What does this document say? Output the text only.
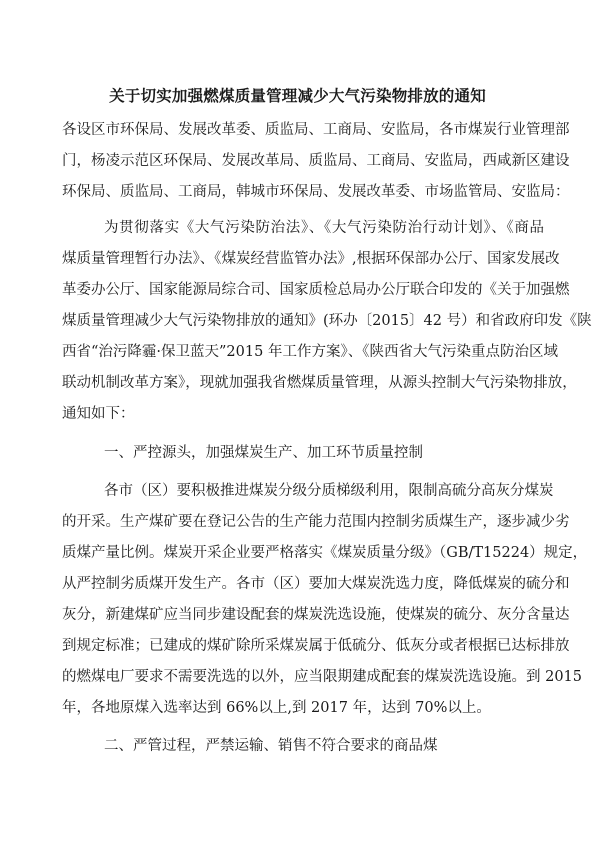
关于切实加强燃煤质量管理减少大气污染物排放的通知
各设区市环保局、发展改革委、质监局、工商局、安监局，各市煤炭行业管理部
门，杨凌示范区环保局、发展改革局、质监局、工商局、安监局，西咸新区建设
环保局、质监局、工商局，韩城市环保局、发展改革委、市场监管局、安监局：
为贯彻落实《大气污染防治法》、《大气污染防治行动计划》、《商品
煤质量管理暂行办法》、《煤炭经营监管办法》,根据环保部办公厅、国家发展改
革委办公厅、国家能源局综合司、国家质检总局办公厅联合印发的《关于加强燃
煤质量管理减少大气污染物排放的通知》(环办〔2015〕42 号）和省政府印发《陕
西省“治污降霾·保卫蓝天”2015 年工作方案》、《陕西省大气污染重点防治区域
联动机制改革方案》，现就加强我省燃煤质量管理，从源头控制大气污染物排放，
通知如下：
一、严控源头，加强煤炭生产、加工环节质量控制
各市（区）要积极推进煤炭分级分质梯级利用，限制高硫分高灰分煤炭
的开采。生产煤矿要在登记公告的生产能力范围内控制劣质煤生产，逐步减少劣
质煤产量比例。煤炭开采企业要严格落实《煤炭质量分级》（GB/T15224）规定，
从严控制劣质煤开发生产。各市（区）要加大煤炭洗选力度，降低煤炭的硫分和
灰分，新建煤矿应当同步建设配套的煤炭洗选设施，使煤炭的硫分、灰分含量达
到规定标准；已建成的煤矿除所采煤炭属于低硫分、低灰分或者根据已达标排放
的燃煤电厂要求不需要洗选的以外，应当限期建成配套的煤炭洗选设施。到 2015
年，各地原煤入选率达到 66%以上,到 2017 年，达到 70%以上。
二、严管过程，严禁运输、销售不符合要求的商品煤
